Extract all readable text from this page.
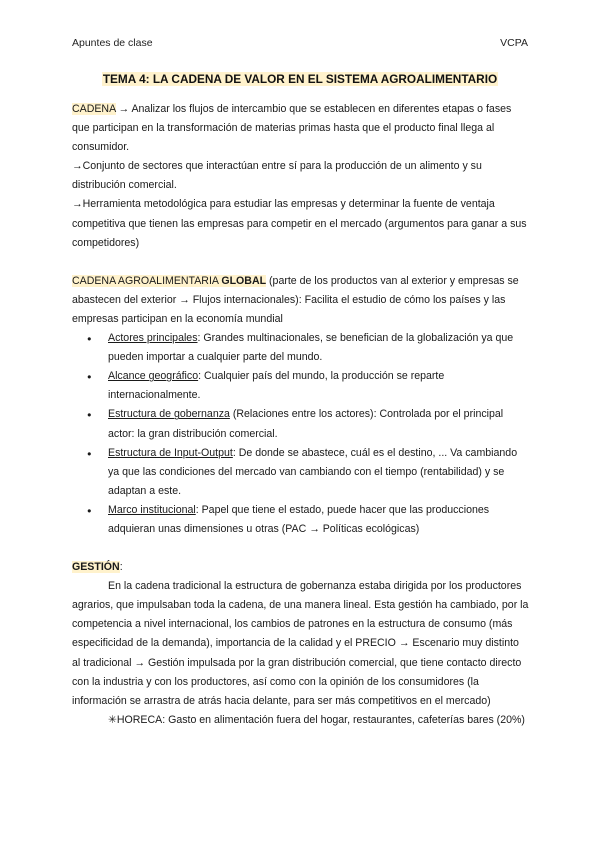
Apuntes de clase	VCPA
TEMA 4: LA CADENA DE VALOR EN EL SISTEMA AGROALIMENTARIO

CADENA → Analizar los flujos de intercambio que se establecen en diferentes etapas o fases que participan en la transformación de materias primas hasta que el producto final llega al consumidor.

→Conjunto de sectores que interactúan entre sí para la producción de un alimento y su distribución comercial.

→Herramienta metodológica para estudiar las empresas y determinar la fuente de ventaja competitiva que tienen las empresas para competir en el mercado (argumentos para ganar a sus competidores)

CADENA AGROALIMENTARIA GLOBAL (parte de los productos van al exterior y empresas se abastecen del exterior → Flujos internacionales): Facilita el estudio de cómo los países y las empresas participan en la economía mundial

● Actores principales: Grandes multinacionales, se benefician de la globalización ya que pueden importar a cualquier parte del mundo.
● Alcance geográfico: Cualquier país del mundo, la producción se reparte internacionalmente.
● Estructura de gobernanza (Relaciones entre los actores): Controlada por el principal actor: la gran distribución comercial.
● Estructura de Input-Output: De donde se abastece, cuál es el destino, ... Va cambiando ya que las condiciones del mercado van cambiando con el tiempo (rentabilidad) y se adaptan a este.
● Marco institucional: Papel que tiene el estado, puede hacer que las producciones adquieran unas dimensiones u otras (PAC → Políticas ecológicas)

GESTIÓN:

En la cadena tradicional la estructura de gobernanza estaba dirigida por los productores agrarios, que impulsaban toda la cadena, de una manera lineal. Esta gestión ha cambiado, por la competencia a nivel internacional, los cambios de patrones en la estructura de consumo (más especificidad de la demanda), importancia de la calidad y el PRECIO → Escenario muy distinto al tradicional → Gestión impulsada por la gran distribución comercial, que tiene contacto directo con la industria y con los productores, así como con la opinión de los consumidores (la información se arrastra de atrás hacia delante, para ser más competitivos en el mercado)

✳HORECA: Gasto en alimentación fuera del hogar, restaurantes, cafeterías bares (20%)
